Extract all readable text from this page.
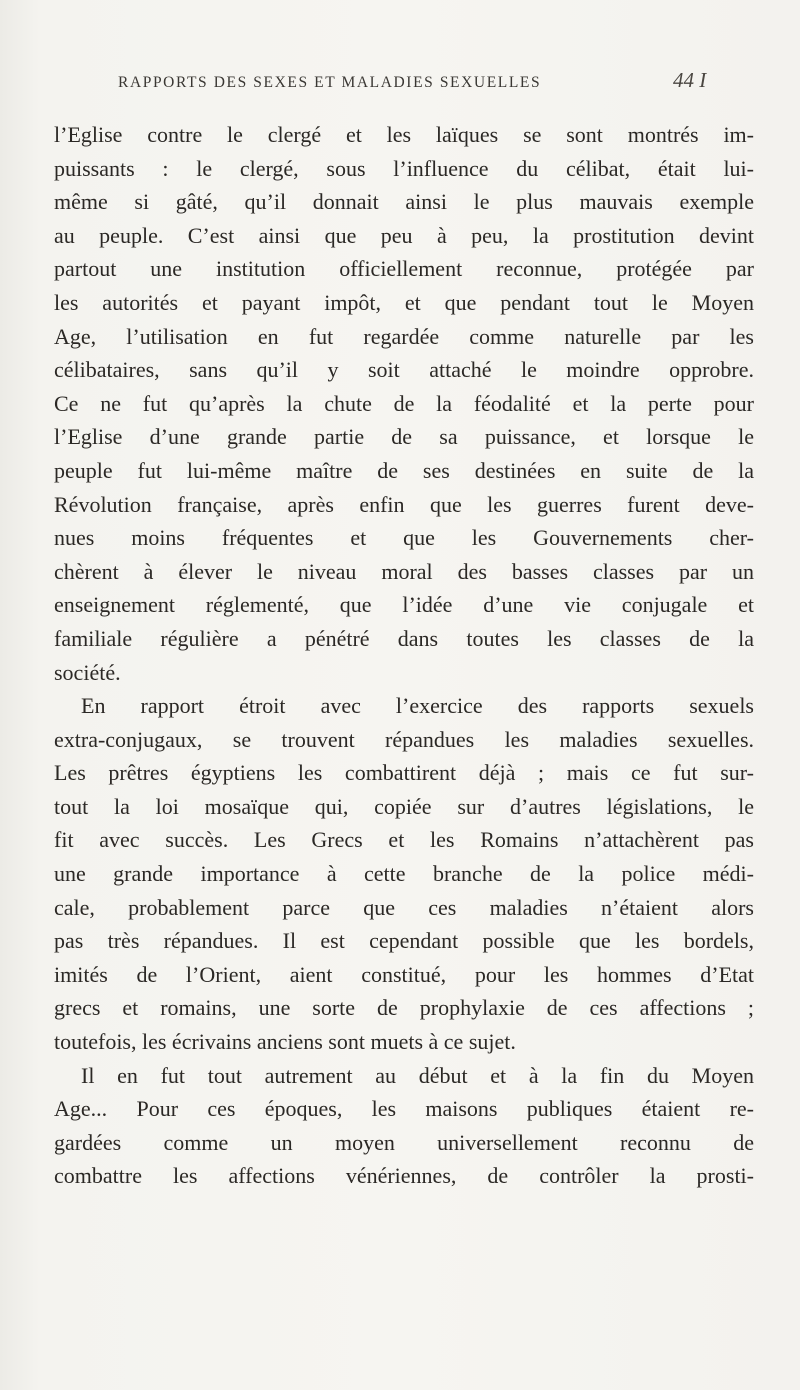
RAPPORTS DES SEXES ET MALADIES SEXUELLES	44 I
l’Eglise contre le clergé et les laïques se sont montrés im-
puissants : le clergé, sous l’influence du célibat, était lui-
même si gâté, qu’il donnait ainsi le plus mauvais exemple
au peuple. C’est ainsi que peu à peu, la prostitution devint
partout une institution officiellement reconnue, protégée par
les autorités et payant impôt, et que pendant tout le Moyen
Age, l’utilisation en fut regardée comme naturelle par les
célibataires, sans qu’il y soit attaché le moindre opprobre.
Ce ne fut qu’après la chute de la féodalité et la perte pour
l’Eglise d’une grande partie de sa puissance, et lorsque le
peuple fut lui-même maître de ses destinées en suite de la
Révolution française, après enfin que les guerres furent deve-
nues moins fréquentes et que les Gouvernements cher-
chèrent à élever le niveau moral des basses classes par un
enseignement réglementé, que l’idée d’une vie conjugale et
familiale régulière a pénétré dans toutes les classes de la
société.
En rapport étroit avec l’exercice des rapports sexuels
extra-conjugaux, se trouvent répandues les maladies sexuelles.
Les prêtres égyptiens les combattirent déjà ; mais ce fut sur-
tout la loi mosaïque qui, copiée sur d’autres législations, le
fit avec succès. Les Grecs et les Romains n’attachèrent pas
une grande importance à cette branche de la police médi-
cale, probablement parce que ces maladies n’étaient alors
pas très répandues. Il est cependant possible que les bordels,
imités de l’Orient, aient constitué, pour les hommes d’Etat
grecs et romains, une sorte de prophylaxie de ces affections ;
toutefois, les écrivains anciens sont muets à ce sujet.
Il en fut tout autrement au début et à la fin du Moyen
Age... Pour ces époques, les maisons publiques étaient re-
gardées comme un moyen universellement reconnu de
combattre les affections vénériennes, de contrôler la prosti-
